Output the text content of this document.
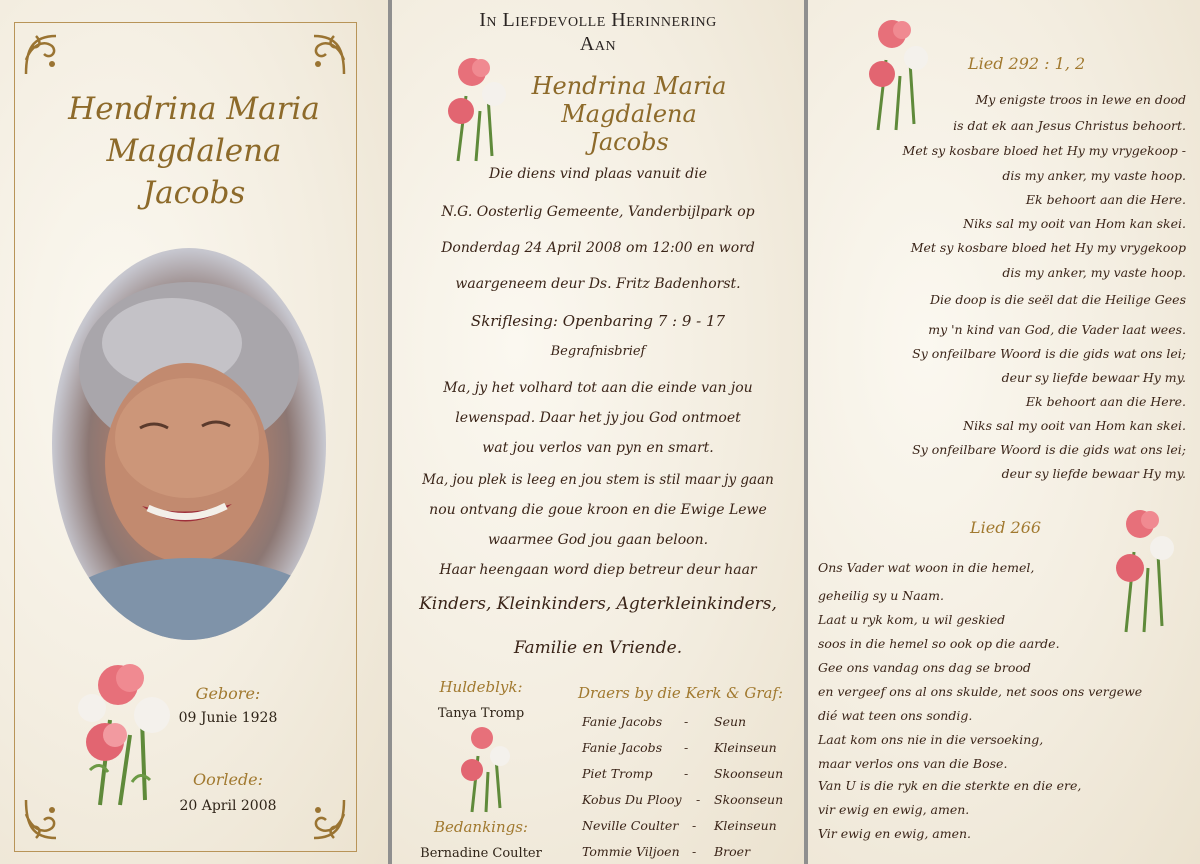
Hendrina Maria
Magdalena
Jacobs
Gebore:
09 Junie 1928
Oorlede:
20 April 2008
In Liefdevolle Herinnering
Aan
Hendrina Maria
Magdalena
Jacobs
Die diens vind plaas vanuit die
N.G. Oosterlig Gemeente, Vanderbijlpark op
Donderdag 24 April 2008 om 12:00 en word
waargeneem deur Ds. Fritz Badenhorst.
Skriflesing: Openbaring 7 : 9 - 17
Begrafnisbrief
Ma, jy het volhard tot aan die einde van jou
lewenspad. Daar het jy jou God ontmoet
wat jou verlos van pyn en smart.
Ma, jou plek is leeg en jou stem is stil maar jy gaan
nou ontvang die goue kroon en die Ewige Lewe
waarmee God jou gaan beloon.
Haar heengaan word diep betreur deur haar
Kinders, Kleinkinders, Agterkleinkinders,
Familie en Vriende.
Huldeblyk:
Tanya Tromp
Bedankings:
Bernadine Coulter
Draers by die Kerk & Graf:
Fanie Jacobs - Seun
Fanie Jacobs - Kleinseun
Piet Tromp	- Skoonseun
Kobus Du Plooy - Skoonseun
Neville Coulter - Kleinseun
Tommie Viljoen - Broer
Lied 292 : 1, 2
My enigste troos in lewe en dood
is dat ek aan Jesus Christus behoort.
Met sy kosbare bloed het Hy my vrygekoop -
dis my anker, my vaste hoop.
Ek behoort aan die Here.
Niks sal my ooit van Hom kan skei.
Met sy kosbare bloed het Hy my vrygekoop
dis my anker, my vaste hoop.
Die doop is die seël dat die Heilige Gees
my 'n kind van God, die Vader laat wees.
Sy onfeilbare Woord is die gids wat ons lei;
deur sy liefde bewaar Hy my.
Ek behoort aan die Here.
Niks sal my ooit van Hom kan skei.
Sy onfeilbare Woord is die gids wat ons lei;
deur sy liefde bewaar Hy my.
Lied 266
Ons Vader wat woon in die hemel,
geheilig sy u Naam.
Laat u ryk kom, u wil geskied
soos in die hemel so ook op die aarde.
Gee ons vandag ons dag se brood
en vergeef ons al ons skulde, net soos ons vergewe
dié wat teen ons sondig.
Laat kom ons nie in die versoeking,
maar verlos ons van die Bose.
Van U is die ryk en die sterkte en die ere,
vir ewig en ewig, amen.
Vir ewig en ewig, amen.
